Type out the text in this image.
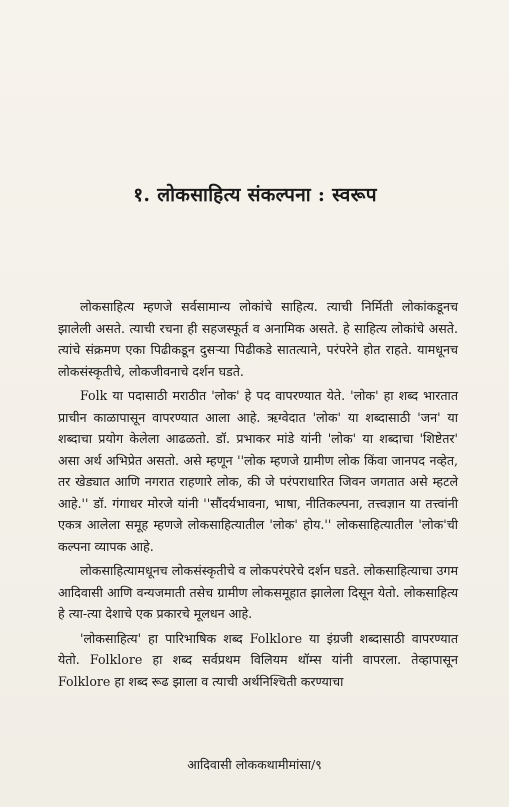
१. लोकसाहित्य संकल्पना : स्वरूप

लोकसाहित्य म्हणजे सर्वसामान्य लोकांचे साहित्य. त्याची निर्मिती लोकांकडूनच झालेली असते. त्याची रचना ही सहजस्फूर्त व अनामिक असते. हे साहित्य लोकांचे असते. त्यांचे संक्रमण एका पिढीकडून दुसऱ्या पिढीकडे सातत्याने, परंपरेने होत राहते. यामधूनच लोकसंस्कृतीचे, लोकजीवनाचे दर्शन घडते.

Folk या पदासाठी मराठीत 'लोक' हे पद वापरण्यात येते. 'लोक' हा शब्द भारतात प्राचीन काळापासून वापरण्यात आला आहे. ऋग्वेदात 'लोक' या शब्दासाठी 'जन' या शब्दाचा प्रयोग केलेला आढळतो. डॉ. प्रभाकर मांडे यांनी 'लोक' या शब्दाचा 'शिष्टेतर' असा अर्थ अभिप्रेत असतो. असे म्हणून ''लोक म्हणजे ग्रामीण लोक किंवा जानपद नव्हेत, तर खेड्यात आणि नगरात राहणारे लोक, की जे परंपराधारित जिवन जगतात असे म्हटले आहे.'' डॉ. गंगाधर मोरजे यांनी ''सौंदर्यभावना, भाषा, नीतिकल्पना, तत्त्वज्ञान या तत्त्वांनी एकत्र आलेला समूह म्हणजे लोकसाहित्यातील 'लोक' होय.'' लोकसाहित्यातील 'लोक'ची कल्पना व्यापक आहे.

लोकसाहित्यामधूनच लोकसंस्कृतीचे व लोकपरंपरेचे दर्शन घडते. लोकसाहित्याचा उगम आदिवासी आणि वन्यजमाती तसेच ग्रामीण लोकसमूहात झालेला दिसून येतो. लोकसाहित्य हे त्या-त्या देशाचे एक प्रकारचे मूलधन आहे.

'लोकसाहित्य' हा पारिभाषिक शब्द Folklore या इंग्रजी शब्दासाठी वापरण्यात येतो. Folklore हा शब्द सर्वप्रथम विलियम थॉम्स यांनी वापरला. तेव्हापासून Folklore हा शब्द रूढ झाला व त्याची अर्थनिश्चिती करण्याचा

आदिवासी लोककथामीमांसा/९
